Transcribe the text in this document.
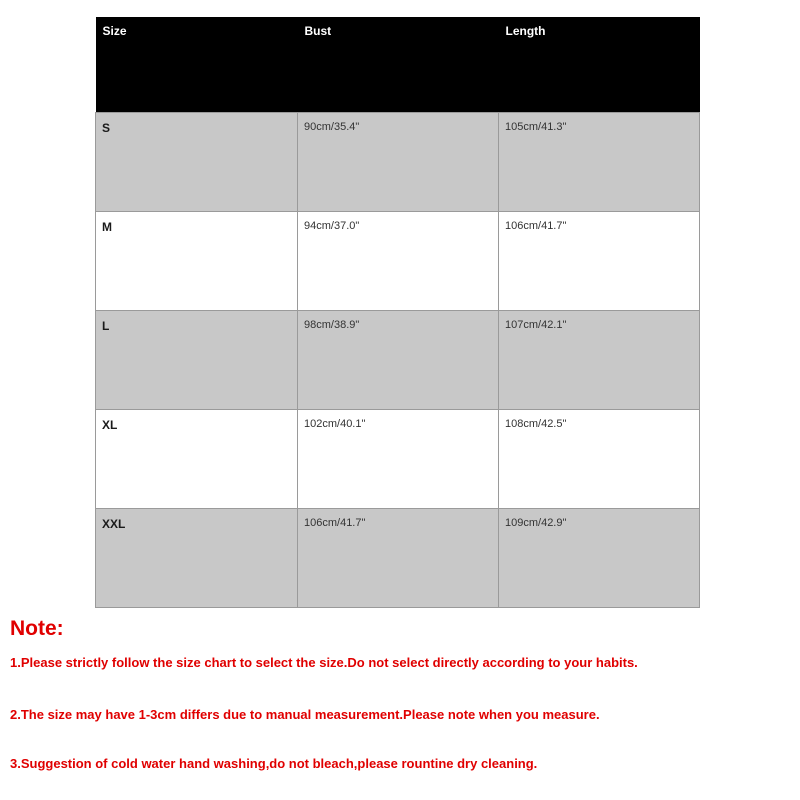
Size	Bust	Length
S	90cm/35.4"	105cm/41.3"
M	94cm/37.0"	106cm/41.7"
L	98cm/38.9"	107cm/42.1"
XL	102cm/40.1"	108cm/42.5"
XXL	106cm/41.7"	109cm/42.9"

Note:

1.Please strictly follow the size chart to select the size.Do not select directly according to your habits.

2.The size may have 1-3cm differs due to manual measurement.Please note when you measure.

3.Suggestion of cold water hand washing,do not bleach,please rountine dry cleaning.
